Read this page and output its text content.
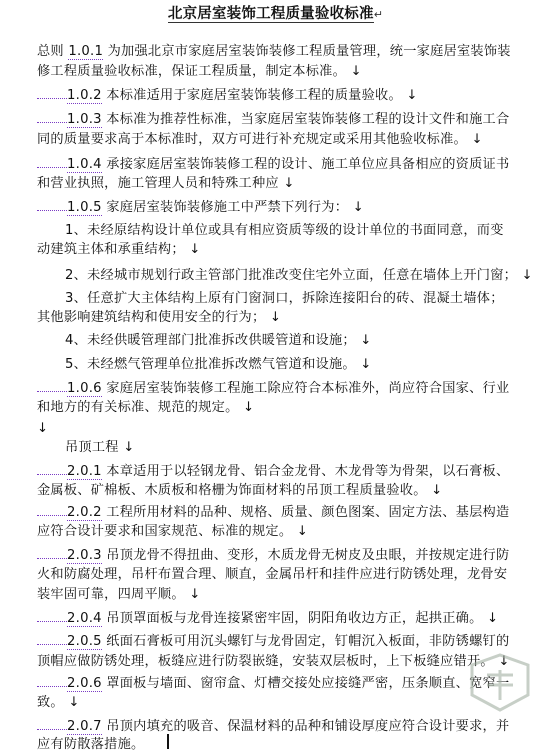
北京居室装饰工程质量验收标准↵
总则 1.0.1 为加强北京市家庭居室装饰装修工程质量管理，统一家庭居室装饰装
修工程质量验收标准，保证工程质量，制定本标准。 ↓
1.0.2 本标准适用于家庭居室装饰装修工程的质量验收。 ↓
1.0.3 本标准为推荐性标准，当家庭居室装饰装修工程的设计文件和施工合
同的质量要求高于本标准时，双方可进行补充规定或采用其他验收标准。 ↓
1.0.4 承接家庭居室装饰装修工程的设计、施工单位应具备相应的资质证书
和营业执照，施工管理人员和特殊工种应 ↓
1.0.5 家庭居室装饰装修施工中严禁下列行为： ↓
1、未经原结构设计单位或具有相应资质等级的设计单位的书面同意，而变
动建筑主体和承重结构； ↓
2、未经城市规划行政主管部门批准改变住宅外立面，任意在墙体上开门窗； ↓
3、任意扩大主体结构上原有门窗洞口，拆除连接阳台的砖、混凝土墙体；
其他影响建筑结构和使用安全的行为； ↓
4、未经供暖管理部门批准拆改供暖管道和设施； ↓
5、未经燃气管理单位批准拆改燃气管道和设施。 ↓
1.0.6 家庭居室装饰装修工程施工除应符合本标准外，尚应符合国家、行业
和地方的有关标准、规范的规定。 ↓
↓
吊顶工程 ↓
2.0.1 本章适用于以轻钢龙骨、铝合金龙骨、木龙骨等为骨架，以石膏板、
金属板、矿棉板、木质板和格栅为饰面材料的吊顶工程质量验收。 ↓
2.0.2 工程所用材料的品种、规格、质量、颜色图案、固定方法、基层构造
应符合设计要求和国家规范、标准的规定。 ↓
2.0.3 吊顶龙骨不得扭曲、变形，木质龙骨无树皮及虫眼，并按规定进行防
火和防腐处理，吊杆布置合理、顺直，金属吊杆和挂件应进行防锈处理，龙骨安
装牢固可靠，四周平顺。 ↓
2.0.4 吊顶罩面板与龙骨连接紧密牢固，阴阳角收边方正，起拱正确。 ↓
2.0.5 纸面石膏板可用沉头螺钉与龙骨固定，钉帽沉入板面，非防锈螺钉的
顶帽应做防锈处理，板缝应进行防裂嵌缝，安装双层板时，上下板缝应错开。 ↓
2.0.6 罩面板与墙面、窗帘盒、灯槽交接处应接缝严密，压条顺直、宽窄一
致。 ↓
2.0.7 吊顶内填充的吸音、保温材料的品种和铺设厚度应符合设计要求，并
应有防散落措施。
